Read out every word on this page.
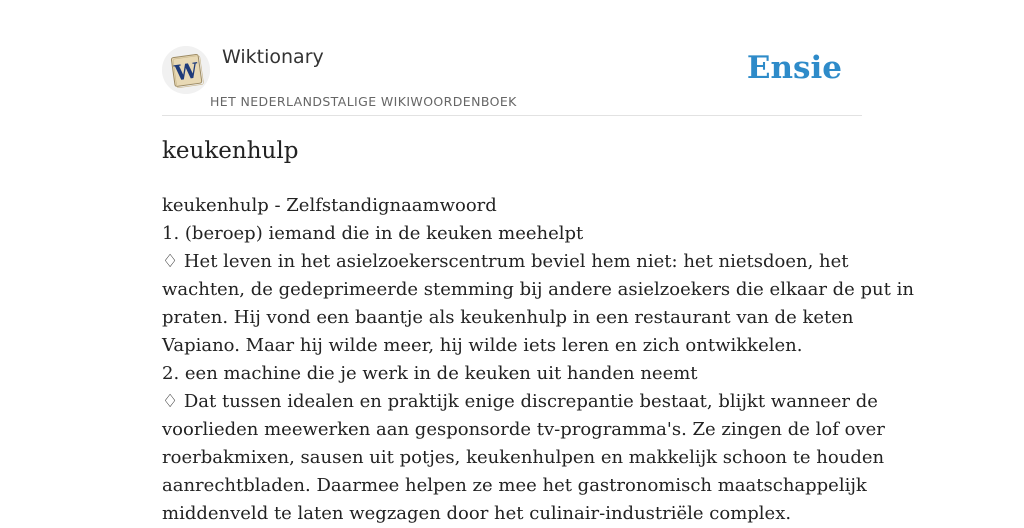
W
Wiktionary
HET NEDERLANDSTALIGE WIKIWOORDENBOEK
Ensie
keukenhulp
keukenhulp - Zelfstandignaamwoord
1. (beroep) iemand die in de keuken meehelpt
♢ Het leven in het asielzoekerscentrum beviel hem niet: het nietsdoen, het
wachten, de gedeprimeerde stemming bij andere asielzoekers die elkaar de put in
praten. Hij vond een baantje als keukenhulp in een restaurant van de keten
Vapiano. Maar hij wilde meer, hij wilde iets leren en zich ontwikkelen.
2. een machine die je werk in de keuken uit handen neemt
♢ Dat tussen idealen en praktijk enige discrepantie bestaat, blijkt wanneer de
voorlieden meewerken aan gesponsorde tv-programma's. Ze zingen de lof over
roerbakmixen, sausen uit potjes, keukenhulpen en makkelijk schoon te houden
aanrechtbladen. Daarmee helpen ze mee het gastronomisch maatschappelijk
middenveld te laten wegzagen door het culinair-industriële complex.
